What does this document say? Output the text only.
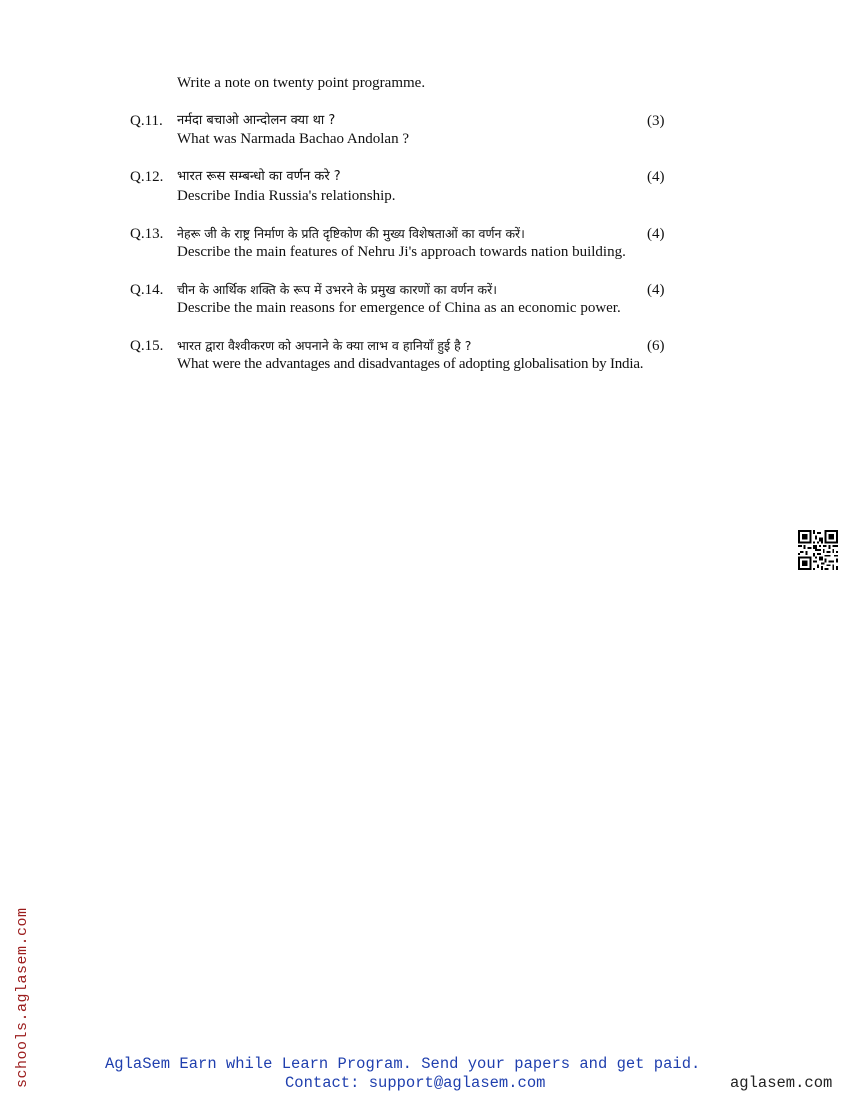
Write a note on twenty point programme.
Q.11. नर्मदा बचाओ आन्दोलन क्या था ?	(3)
What was Narmada Bachao Andolan ?
Q.12. भारत रूस सम्बन्धो का वर्णन करे ?	(4)
Describe India Russia's relationship.
Q.13. नेहरू जी के राष्ट्र निर्माण के प्रति दृष्टिकोण की मुख्य विशेषताओं का वर्णन करें।	(4)
Describe the main features of Nehru Ji's approach towards nation building.
Q.14. चीन के आर्थिक शक्ति के रूप में उभरने के प्रमुख कारणों का वर्णन करें।	(4)
Describe the main reasons for emergence of China as an economic power.
Q.15. भारत द्वारा वैश्वीकरण को अपनाने के क्या लाभ व हानियाँ हुई है ?	(6)
What were the advantages and disadvantages of adopting globalisation by India.
schools.aglasem.com	AglaSem Earn while Learn Program. Send your papers and get paid.
Contact: support@aglasem.com	aglasem.com
